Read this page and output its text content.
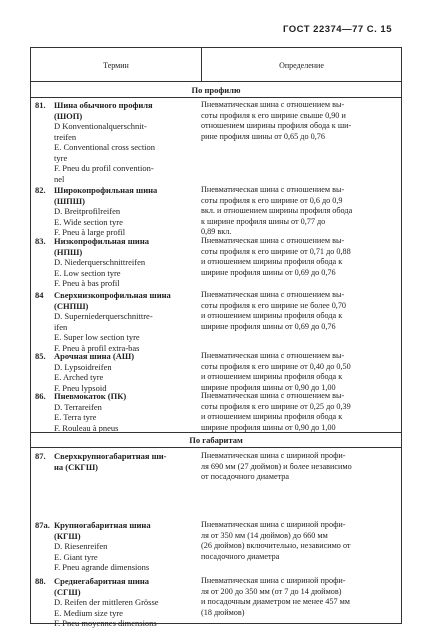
ГОСТ 22374—77 С. 15
Термин	Определение
По профилю
81. Шина обычного профиля
(ШОП)
D Konventionalquerschnit-
treifen
E. Conventional cross section
tyre
F. Pneu du profil convention-
nel
Пневматическая шина с отношением вы-
соты профиля к его ширине свыше 0,90 и
отношением ширины профиля обода к ши-
рине профиля шины от 0,65 до 0,76
82. Широкопрофильная шина
(ШПШ)
D. Breitprofilreifen
E. Wide section tyre
F. Pneu à large profil
Пневматическая шина с отношением вы-
соты профиля к его ширине от 0,6 до 0,9
вкл. и отношением ширины профиля обода
к ширине профиля шины от 0,77 до
0,89 вкл.
83. Низкопрофильная шина
(НПШ)
D. Niederquerschnittreifen
E. Low section tyre
F. Pneu à bas profil
Пневматическая шина с отношением вы-
соты профиля к его ширине от 0,71 до 0,88
и отношением ширины профиля обода к
ширине профиля шины от 0,69 до 0,76
84 Сверхнизкопрофильная шина
(СНПШ)
D. Superniederquerschnittre-
ifen
E. Super low section tyre
F. Pneu à profil extra-bas
Пневматическая шина с отношением вы-
соты профиля к его ширине не более 0,70
и отношением ширины профиля обода к
ширине профиля шины от 0,69 до 0,76
85. Арочная шина (АШ)
D. Lypsoidreifen
E. Arched tyre
F. Pneu lypsoid
Пневматическая шина с отношением вы-
соты профиля к его ширине от 0,40 до 0,50
и отношением ширины профиля обода к
ширине профиля шины от 0,90 до 1,00
86. Пневмокаток (ПК)
D. Terrareifen
E. Terra tyre
F. Rouleau à pneus
Пневматическая шина с отношением вы-
соты профиля к его ширине от 0,25 до 0,39
и отношением ширины профиля обода к
ширине профиля шины от 0,90 до 1,00
По габаритам
87. Сверхкрупногабаритная ши-
на (СКГШ)
Пневматическая шина с шириной профи-
ля 690 мм (27 дюймов) и более независимо
от посадочного диаметра
87а. Крупногабаритная шина
(КГШ)
D. Riesenreifen
E. Giant tyre
F. Pneu agrande dimensions
Пневматическая шина с шириной профи-
ля от 350 мм (14 дюймов) до 660 мм
(26 дюймов) включительно, независимо от
посадочного диаметра
88. Среднегабаритная шина
(СГШ)
D. Reifen der mittleren Grösse
E. Medium size tyre
F. Pneu moyennes dimensions
Пневматическая шина с шириной профи-
ля от 200 до 350 мм (от 7 до 14 дюймов)
и посадочным диаметром не менее 457 мм
(18 дюймов)
